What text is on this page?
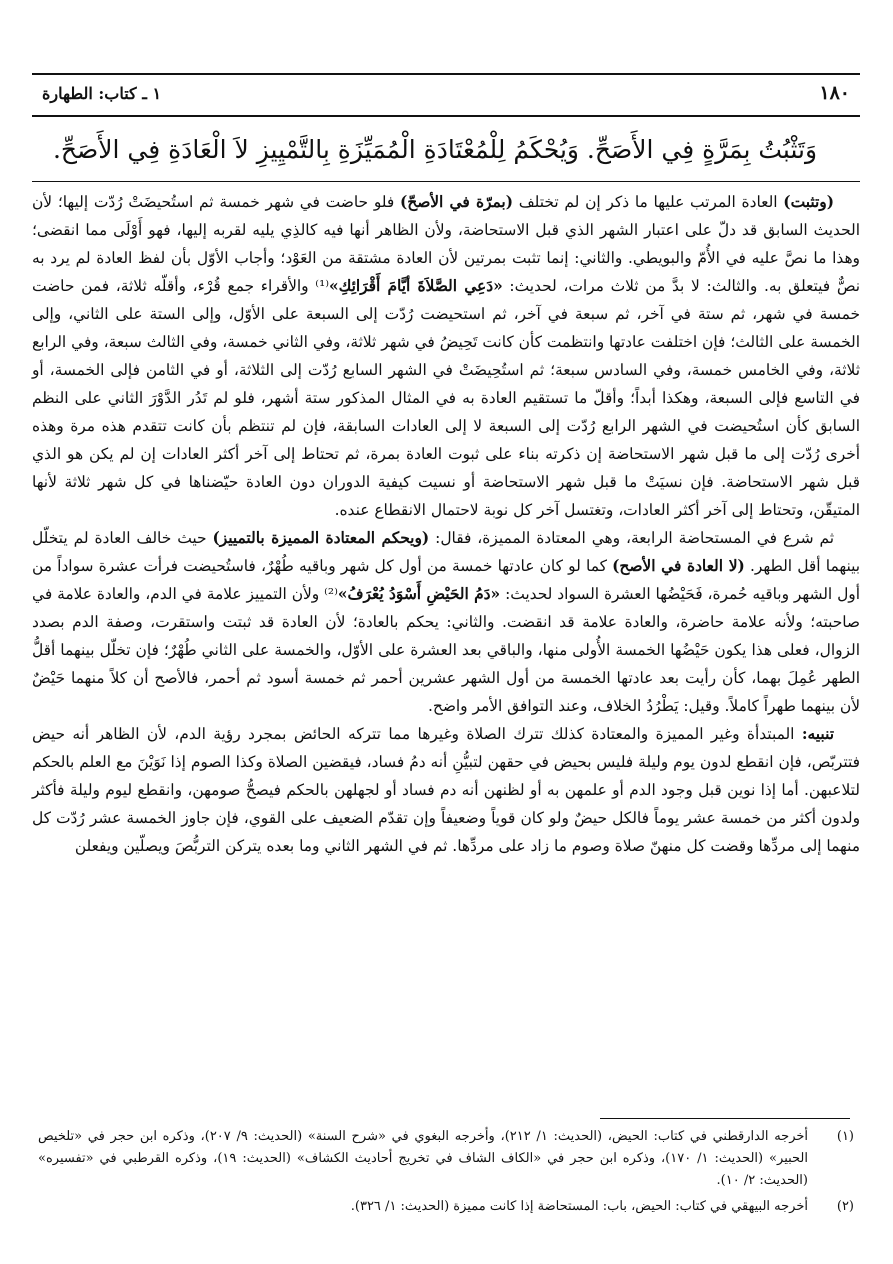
١٨٠
١ ـ كتاب: الطهارة
وَتَثْبُتُ بِمَرَّةٍ فِي الأَصَحِّ. وَيُحْكَمُ لِلْمُعْتَادَةِ الْمُمَيِّزَةِ بِالتَّمْيِيزِ لاَ الْعَادَةِ فِي الأَصَحِّ.

(وتثبت) العادة المرتب عليها ما ذكر إن لم تختلف (بمرّة في الأصحّ) فلو حاضت في شهر خمسة ثم استُحيضَتْ رُدّت إليها؛ لأن الحديث السابق قد دلّ على اعتبار الشهر الذي قبل الاستحاضة، ولأن الظاهر أنها فيه كالذِي يليه لقربه إليها، فهو أَوْلَى مما انقضى؛ وهذا ما نصَّ عليه في الأُمّ والبويطي. والثاني: إنما تثبت بمرتين لأن العادة مشتقة من العَوْد؛ وأجاب الأوّل بأن لفظ العادة لم يرد به نصٌّ فيتعلق به. والثالث: لا بدَّ من ثلاث مرات، لحديث: «دَعِي الصَّلاَةَ أيَّامَ أَقْرَائِكِ»⁽¹⁾ والأقراء جمع قُرْء، وأقلّه ثلاثة، فمن حاضت خمسة في شهر، ثم ستة في آخر، ثم سبعة في آخر، ثم استحيضت رُدّت إلى السبعة على الأوّل، وإلى الستة على الثاني، وإلى الخمسة على الثالث؛ فإن اختلفت عادتها وانتظمت كأن كانت تَحِيضُ في شهر ثلاثة، وفي الثاني خمسة، وفي الثالث سبعة، وفي الرابع ثلاثة، وفي الخامس خمسة، وفي السادس سبعة؛ ثم استُحِيضَتْ في الشهر السابع رُدّت إلى الثلاثة، أو في الثامن فإلى الخمسة، أو في التاسع فإلى السبعة، وهكذا أبداً؛ وأقلّ ما تستقيم العادة به في المثال المذكور ستة أشهر، فلو لم تَدُر الدَّوْرَ الثاني على النظم السابق كأن استُحيضت في الشهر الرابع رُدّت إلى السبعة لا إلى العادات السابقة، فإن لم تنتظم بأن كانت تتقدم هذه مرة وهذه أخرى رُدّت إلى ما قبل شهر الاستحاضة إن ذكرته بناء على ثبوت العادة بمرة، ثم تحتاط إلى آخر أكثر العادات إن لم يكن هو الذي قبل شهر الاستحاضة. فإن نسيَتْ ما قبل شهر الاستحاضة أو نسيت كيفية الدوران دون العادة حيّضناها في كل شهر ثلاثة لأنها المتيقّن، وتحتاط إلى آخر أكثر العادات، وتغتسل آخر كل نوبة لاحتمال الانقطاع عنده.

ثم شرع في المستحاضة الرابعة، وهي المعتادة المميزة، فقال: (ويحكم المعتادة المميزة بالتمييز) حيث خالف العادة لم يتخلّل بينهما أقل الطهر. (لا العادة في الأصح) كما لو كان عادتها خمسة من أول كل شهر وباقيه طُهْرٌ، فاستُحيضت فرأت عشرة سواداً من أول الشهر وباقيه حُمرة، فَحَيْضُها العشرة السواد لحديث: «دَمُ الحَيْضِ أَسْوَدُ يُعْرَفُ»⁽²⁾ ولأن التمييز علامة في الدم، والعادة علامة في صاحبته؛ ولأنه علامة حاضرة، والعادة علامة قد انقضت. والثاني: يحكم بالعادة؛ لأن العادة قد ثبتت واستقرت، وصفة الدم بصدد الزوال، فعلى هذا يكون حَيْضُها الخمسة الأُولى منها، والباقي بعد العشرة على الأوّل، والخمسة على الثاني طُهْرٌ؛ فإن تخلّل بينهما أقلُّ الطهر عُمِلَ بهما، كأن رأيت بعد عادتها الخمسة من أول الشهر عشرين أحمر ثم خمسة أسود ثم أحمر، فالأصح أن كلاً منهما حَيْضٌ لأن بينهما طهراً كاملاً. وقيل: يَطْرُدُ الخلاف، وعند التوافق الأمر واضح.

تنبيه: المبتدأة وغير المميزة والمعتادة كذلك تترك الصلاة وغيرها مما تتركه الحائض بمجرد رؤية الدم، لأن الظاهر أنه حيض فتتربّص، فإن انقطع لدون يوم وليلة فليس بحيض في حقهن لتبيُّنِ أنه دمُ فساد، فيقضين الصلاة وكذا الصوم إذا نَوَيْنَ مع العلم بالحكم لتلاعبهن. أما إذا نوين قبل وجود الدم أو علمهن به أو لظنهن أنه دم فساد أو لجهلهن بالحكم فيصحُّ صومهن، وانقطع ليوم وليلة فأكثر ولدون أكثر من خمسة عشر يوماً فالكل حيضٌ ولو كان قوياً وضعيفاً وإن تقدّم الضعيف على القوي، فإن جاوز الخمسة عشر رُدّت كل منهما إلى مردِّها وقضت كل منهنّ صلاة وصوم ما زاد على مردِّها. ثم في الشهر الثاني وما بعده يتركن التربُّصَ ويصلّين ويفعلن

(١)
أخرجه الدارقطني في كتاب: الحيض، (الحديث: ١/ ٢١٢)، وأخرجه البغوي في «شرح السنة» (الحديث: ٩/ ٢٠٧)، وذكره ابن حجر في «تلخيص الحبير» (الحديث: ١/ ١٧٠)، وذكره ابن حجر في «الكاف الشاف في تخريج أحاديث الكشاف» (الحديث: ١٩)، وذكره القرطبي في «تفسيره» (الحديث: ٢/ ١٠).
(٢)
أخرجه البيهقي في كتاب: الحيض، باب: المستحاضة إذا كانت مميزة (الحديث: ١/ ٣٢٦).
